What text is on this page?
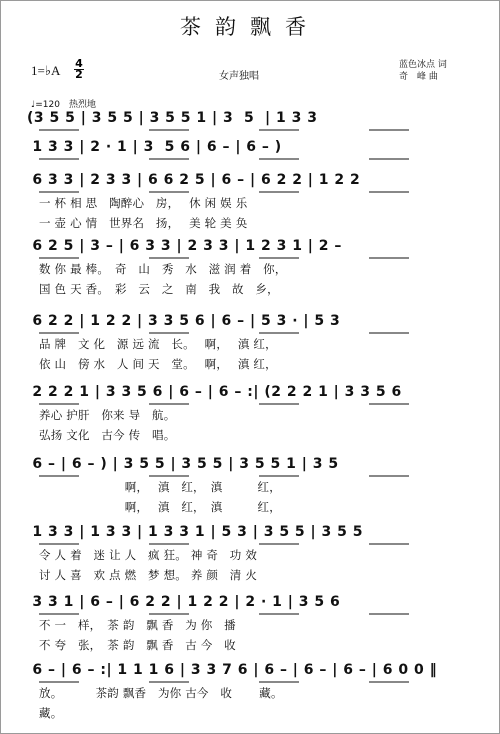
茶韵飘香
1=♭A 4
2	女声独唱
蓝色冰点 词
奇　峰 曲
♩=120　热烈地
(3 5 5 | 3 5 5 | 3 5 5 1 | 3  5  | 1 3 3
1 3 3 | 2 · 1 | 3  5 6 | 6 – | 6 – )
6 3 3 | 2 3 3 | 6 6 2 5 | 6 – | 6 2 2 | 1 2 2
一 杯 相 思　陶醉心　房，　 休 闲 娱 乐
一 壶 心 情　世界名　扬，　 美 轮 美 奂
6 2 5 | 3 – | 6 3 3 | 2 3 3 | 1 2 3 1 | 2 –
数 你 最 棒。　奇　山　秀　水　滋 润 着　你，
国 色 天 香。　彩　云　之　南　我　故　乡，
6 2 2 | 1 2 2 | 3 3 5 6 | 6 – | 5 3 · | 5 3
品 牌　文 化　源 远 流　长。　 啊，　 滇 红，
依 山　傍 水　人 间 天　堂。　 啊，　 滇 红，
2 2 2 1 | 3 3 5 6 | 6 – | 6 – :| (2 2 2 1 | 3 3 5 6
养心 护肝　你来 导　航。
弘扬 文化　古今 传　唱。
6 – | 6 – ) | 3 5 5 | 3 5 5 | 3 5 5 1 | 3 5
　　　　　　　 啊，　 滇　红，　滇　　　红，
　　　　　　　 啊，　 滇　红，　滇　　　红，
1 3 3 | 1 3 3 | 1 3 3 1 | 5 3 | 3 5 5 | 3 5 5
令 人 着　迷 让 人　疯 狂。 神 奇　功 效
讨 人 喜　欢 点 燃　梦 想。 养 颜　清 火
3 3 1 | 6 – | 6 2 2 | 1 2 2 | 2 · 1 | 3 5 6
不 一　样，　茶 韵　飘 香　为 你　播
不 夸　张，　茶 韵　飘 香　古 今　收
6 – | 6 – :| 1 1 1 6 | 3 3 7 6 | 6 – | 6 – | 6 – | 6 0 0 ‖
放。　　　 茶韵 飘香　为你 古今　收　　 藏。
藏。
